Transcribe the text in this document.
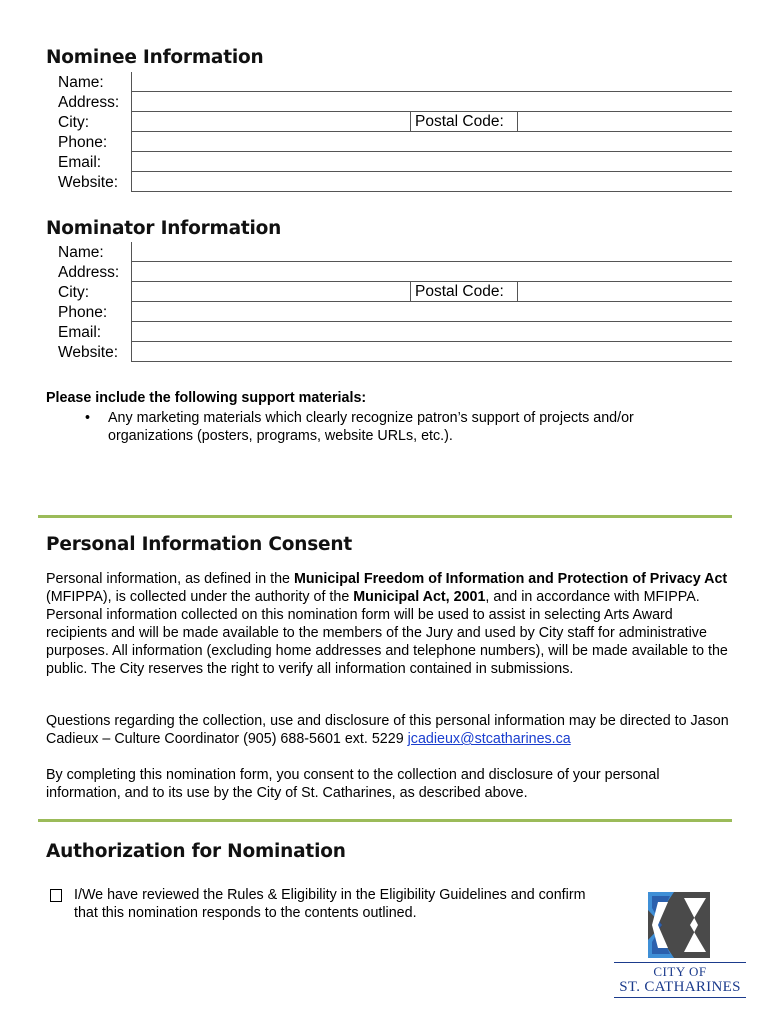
Nominee Information
Name:			
Address:			
City:		Postal Code:	
Phone:			
Email:			
Website:			
Nominator Information
Name:			
Address:			
City:		Postal Code:	
Phone:			
Email:			
Website:			

Please include the following support materials:

• Any marketing materials which clearly recognize patron’s support of projects and/or organizations (posters, programs, website URLs, etc.).
Personal Information Consent

Personal information, as defined in the Municipal Freedom of Information and Protection of Privacy Act (MFIPPA), is collected under the authority of the Municipal Act, 2001, and in accordance with MFIPPA. Personal information collected on this nomination form will be used to assist in selecting Arts Award recipients and will be made available to the members of the Jury and used by City staff for administrative purposes. All information (excluding home addresses and telephone numbers), will be made available to the public. The City reserves the right to verify all information contained in submissions.

Questions regarding the collection, use and disclosure of this personal information may be directed to Jason Cadieux – Culture Coordinator (905) 688-5601 ext. 5229 jcadieux@stcatharines.ca

By completing this nomination form, you consent to the collection and disclosure of your personal information, and to its use by the City of St. Catharines, as described above.

Authorization for Nomination
I/We have reviewed the Rules & Eligibility in the Eligibility Guidelines and confirm that this nomination responds to the contents outlined.
CITY OF
ST. CATHARINES
